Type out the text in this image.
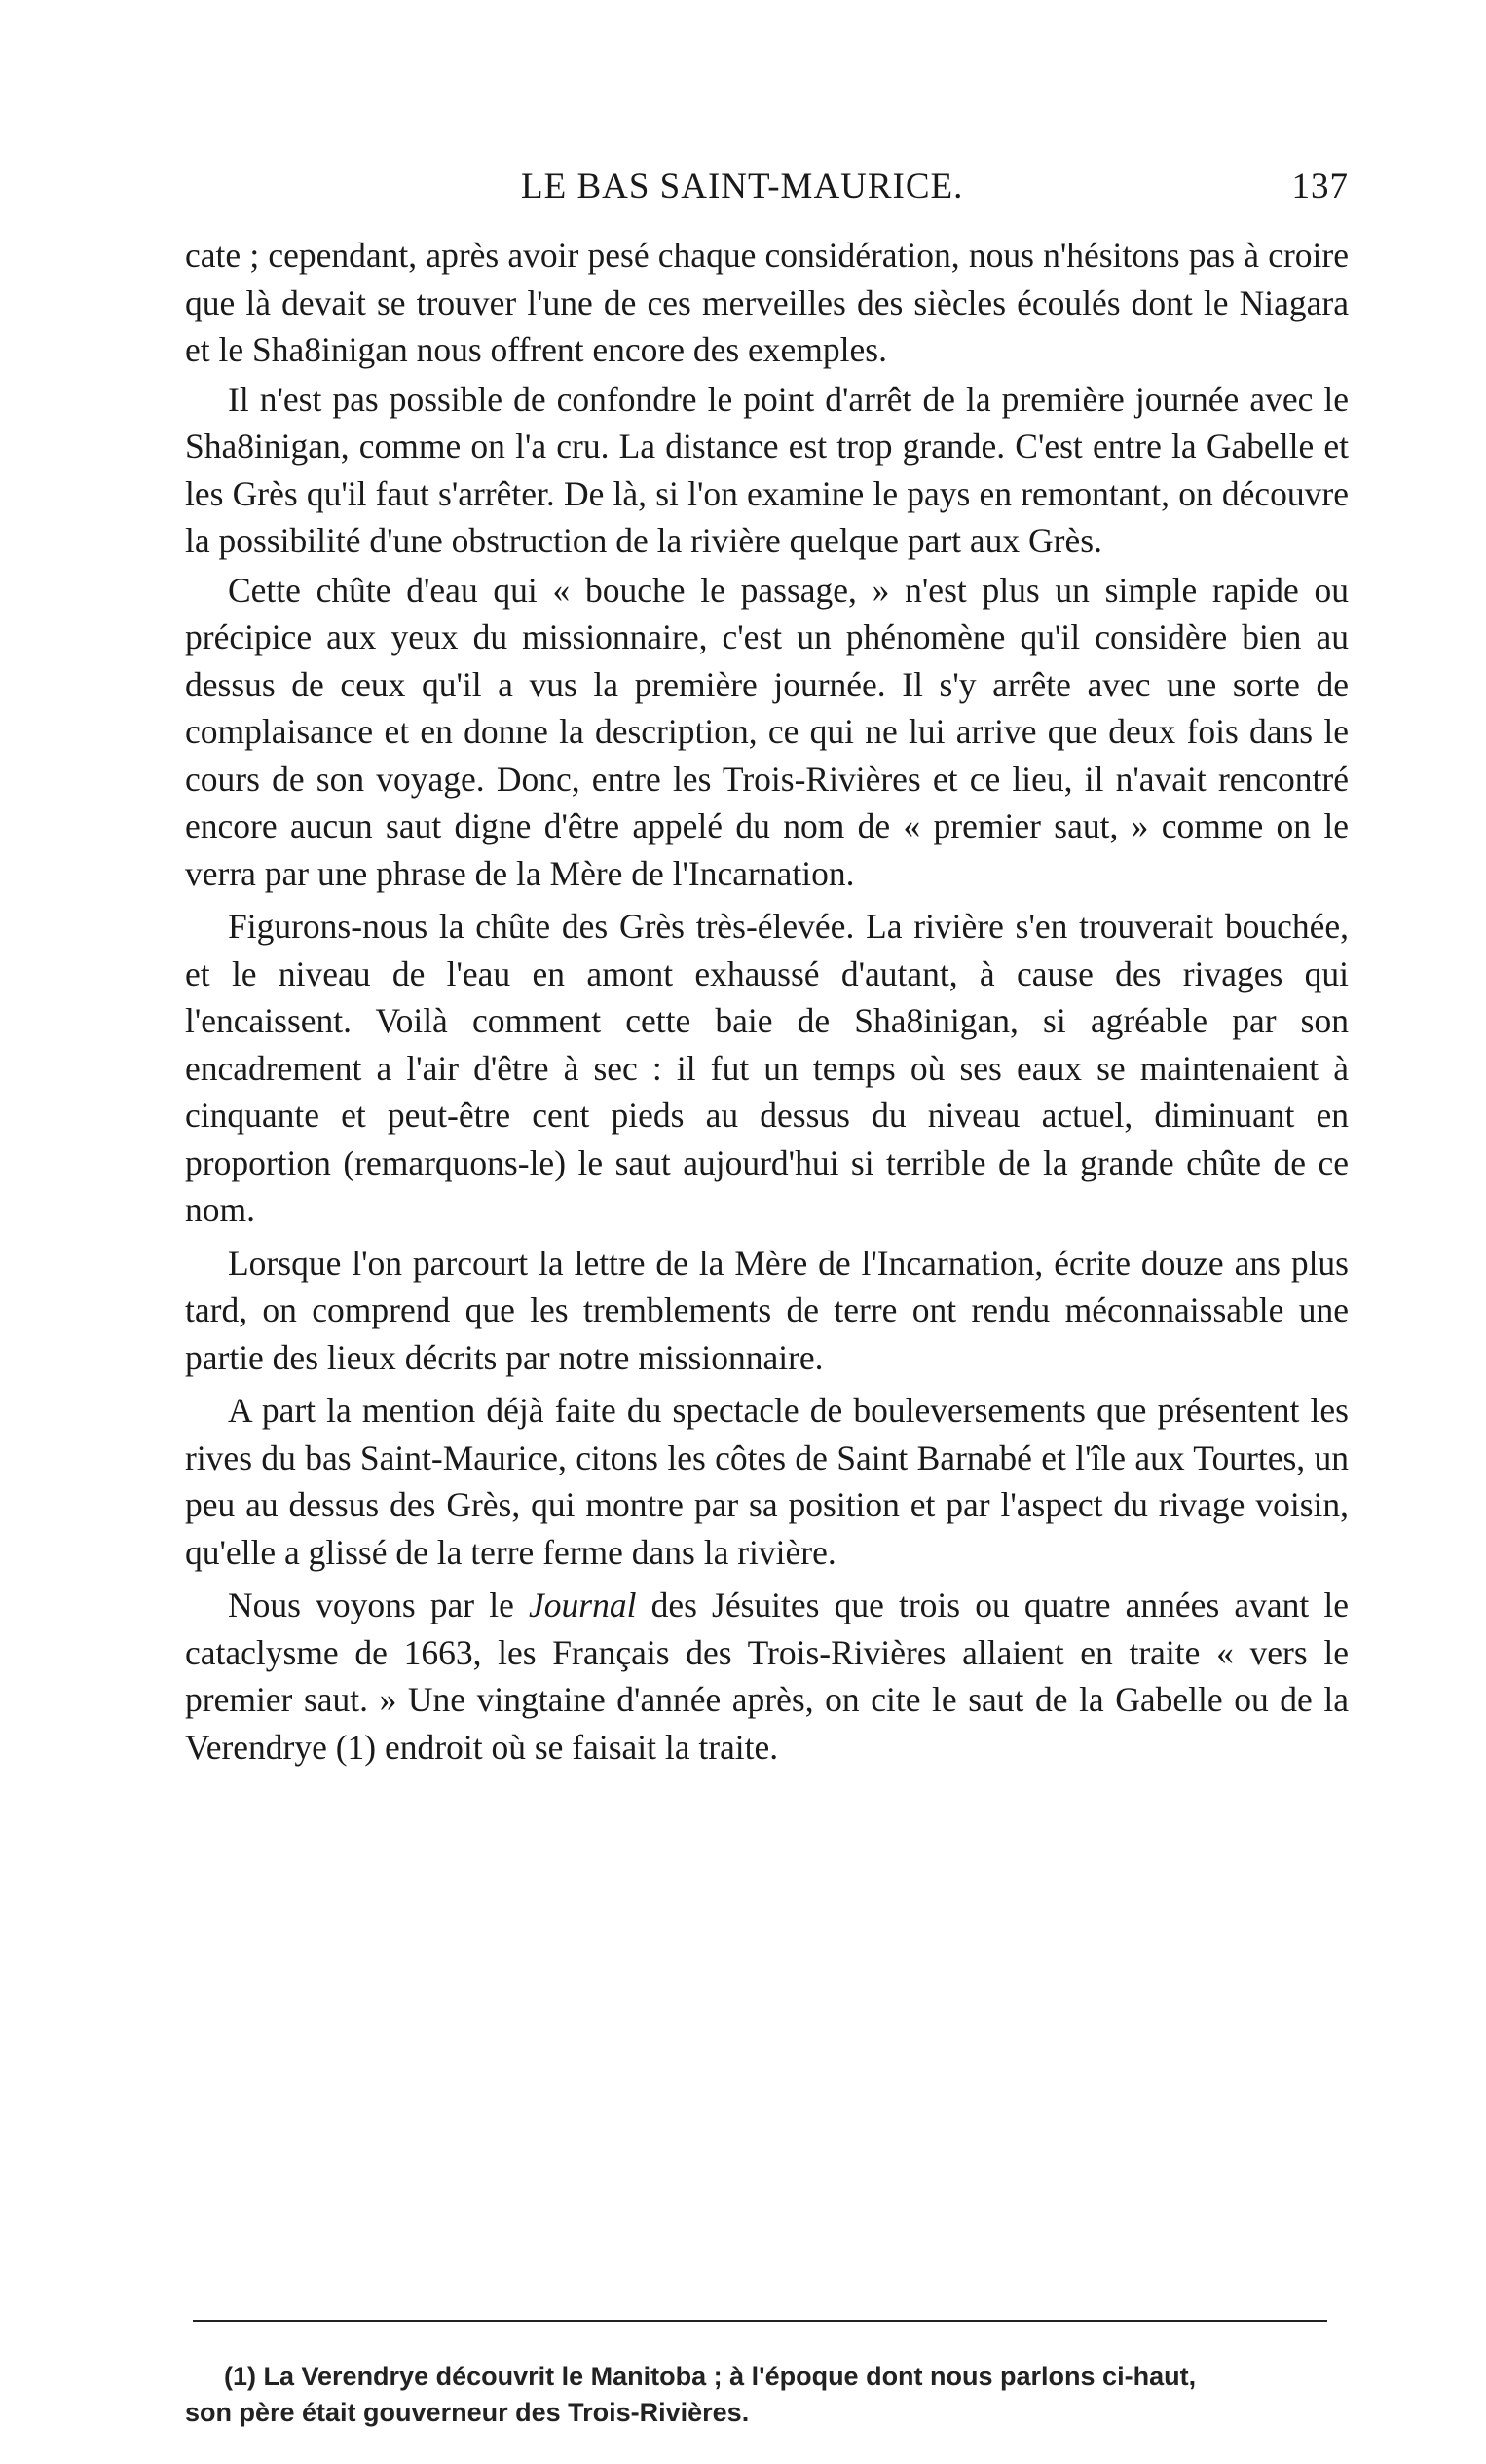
LE BAS SAINT-MAURICE.	137

cate ; cependant, après avoir pesé chaque considération, nous n'hésitons pas à croire que là devait se trouver l'une de ces merveilles des siècles écoulés dont le Niagara et le Sha8inigan nous offrent encore des exemples.

Il n'est pas possible de confondre le point d'arrêt de la première journée avec le Sha8inigan, comme on l'a cru. La distance est trop grande. C'est entre la Gabelle et les Grès qu'il faut s'arrêter. De là, si l'on examine le pays en remontant, on découvre la possibilité d'une obstruction de la rivière quelque part aux Grès.

Cette chûte d'eau qui « bouche le passage, » n'est plus un simple rapide ou précipice aux yeux du missionnaire, c'est un phénomène qu'il considère bien au dessus de ceux qu'il a vus la première journée. Il s'y arrête avec une sorte de complaisance et en donne la description, ce qui ne lui arrive que deux fois dans le cours de son voyage. Donc, entre les Trois-Rivières et ce lieu, il n'avait rencontré encore aucun saut digne d'être appelé du nom de « premier saut, » comme on le verra par une phrase de la Mère de l'Incarnation.

Figurons-nous la chûte des Grès très-élevée. La rivière s'en trouverait bouchée, et le niveau de l'eau en amont exhaussé d'autant, à cause des rivages qui l'encaissent. Voilà comment cette baie de Sha8inigan, si agréable par son encadrement a l'air d'être à sec : il fut un temps où ses eaux se maintenaient à cinquante et peut-être cent pieds au dessus du niveau actuel, diminuant en proportion (remarquons-le) le saut aujourd'hui si terrible de la grande chûte de ce nom.

Lorsque l'on parcourt la lettre de la Mère de l'Incarnation, écrite douze ans plus tard, on comprend que les tremblements de terre ont rendu méconnaissable une partie des lieux décrits par notre missionnaire.

A part la mention déjà faite du spectacle de bouleversements que présentent les rives du bas Saint-Maurice, citons les côtes de Saint Barnabé et l'île aux Tourtes, un peu au dessus des Grès, qui montre par sa position et par l'aspect du rivage voisin, qu'elle a glissé de la terre ferme dans la rivière.

Nous voyons par le Journal des Jésuites que trois ou quatre années avant le cataclysme de 1663, les Français des Trois-Rivières allaient en traite « vers le premier saut. » Une vingtaine d'année après, on cite le saut de la Gabelle ou de la Verendrye (1) endroit où se faisait la traite.

(1) La Verendrye découvrit le Manitoba ; à l'époque dont nous parlons ci-haut,
son père était gouverneur des Trois-Rivières.
